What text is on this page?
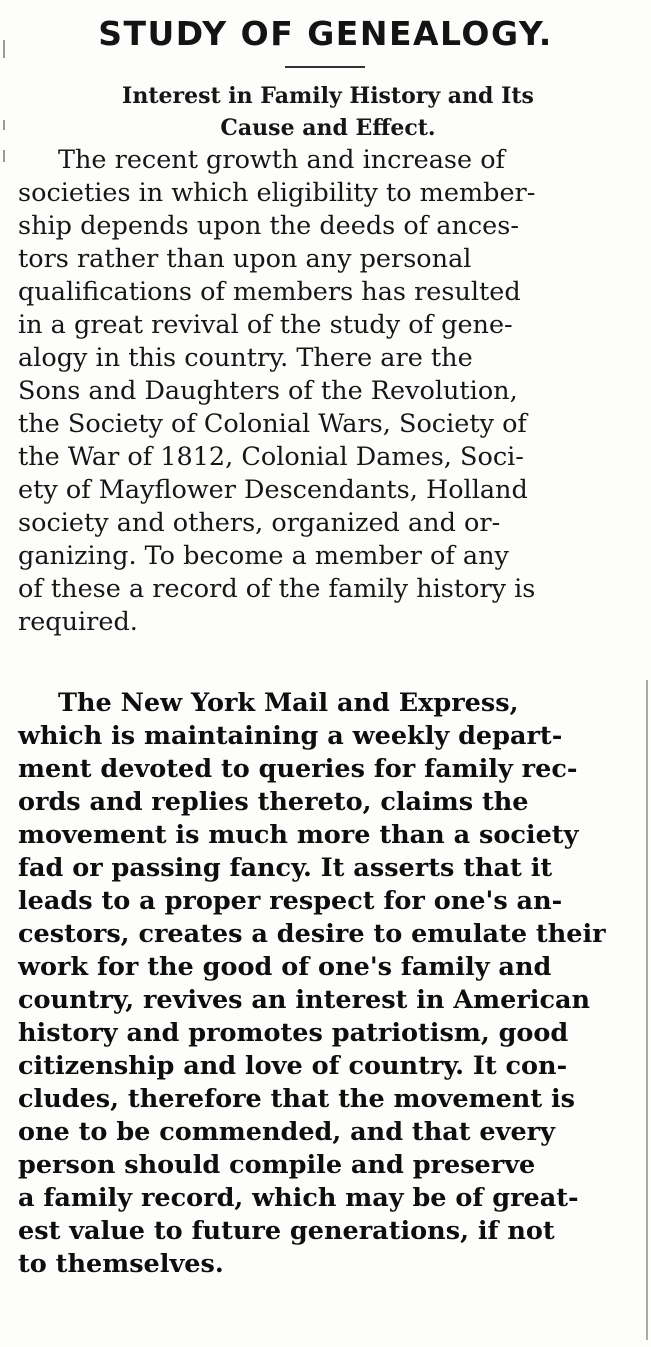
STUDY OF GENEALOGY.
Interest in Family History and Its
Cause and Effect.
The recent growth and increase of
societies in which eligibility to member-
ship depends upon the deeds of ances-
tors rather than upon any personal
qualifications of members has resulted
in a great revival of the study of gene-
alogy in this country. There are the
Sons and Daughters of the Revolution,
the Society of Colonial Wars, Society of
the War of 1812, Colonial Dames, Soci-
ety of Mayflower Descendants, Holland
society and others, organized and or-
ganizing. To become a member of any
of these a record of the family history is
required.
The New York Mail and Express,
which is maintaining a weekly depart-
ment devoted to queries for family rec-
ords and replies thereto, claims the
movement is much more than a society
fad or passing fancy. It asserts that it
leads to a proper respect for one's an-
cestors, creates a desire to emulate their
work for the good of one's family and
country, revives an interest in American
history and promotes patriotism, good
citizenship and love of country. It con-
cludes, therefore that the movement is
one to be commended, and that every
person should compile and preserve
a family record, which may be of great-
est value to future generations, if not
to themselves.
